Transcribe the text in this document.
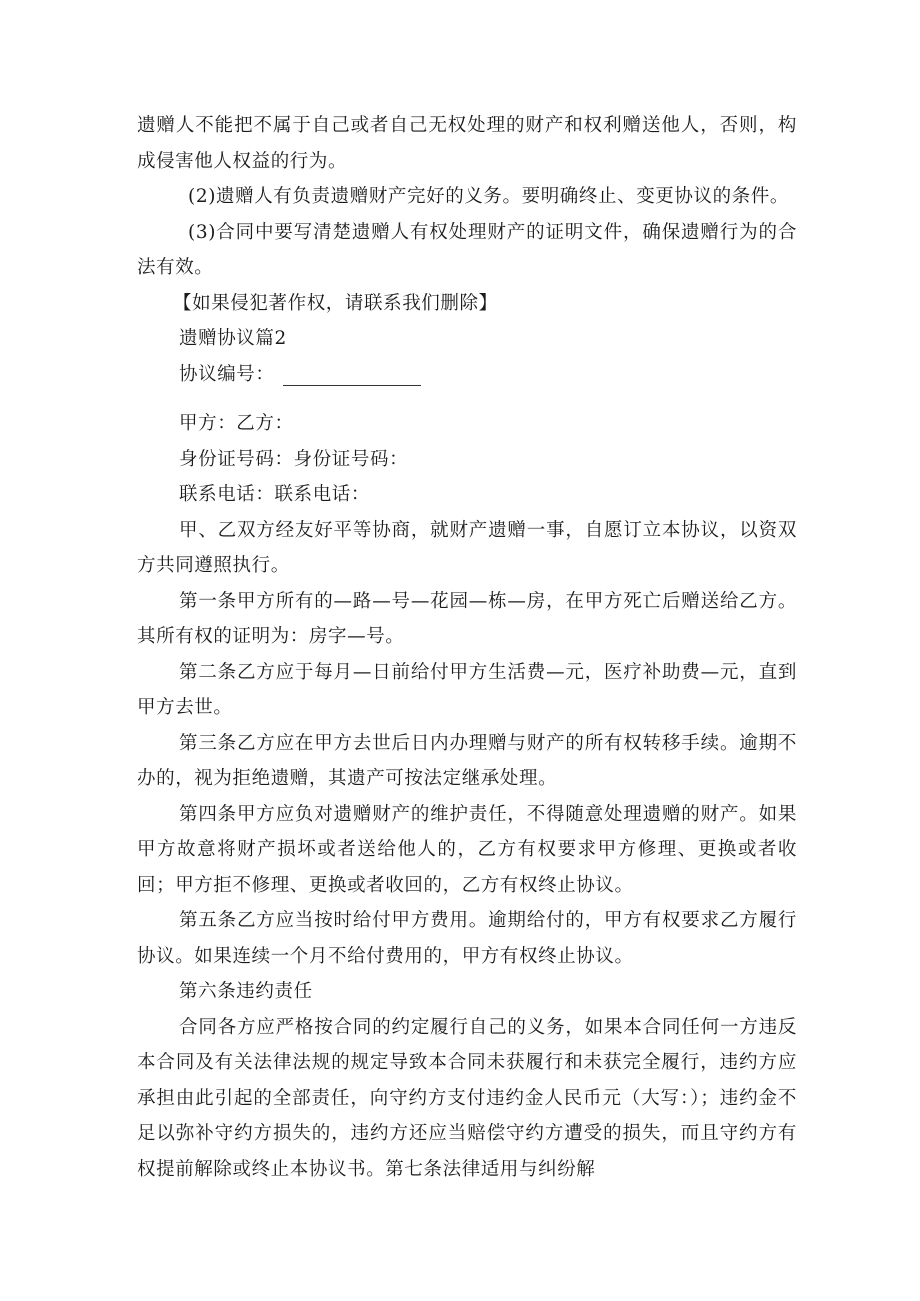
遗赠人不能把不属于自己或者自己无权处理的财产和权利赠送他人，否则，构成侵害他人权益的行为。

(2)遗赠人有负责遗赠财产完好的义务。要明确终止、变更协议的条件。

(3)合同中要写清楚遗赠人有权处理财产的证明文件，确保遗赠行为的合法有效。

【如果侵犯著作权，请联系我们删除】

遗赠协议篇2

协议编号：

甲方：乙方：

身份证号码：身份证号码：

联系电话：联系电话：

甲、乙双方经友好平等协商，就财产遗赠一事，自愿订立本协议，以资双方共同遵照执行。

第一条甲方所有的—路—号—花园—栋—房，在甲方死亡后赠送给乙方。其所有权的证明为：房字—号。

第二条乙方应于每月—日前给付甲方生活费—元，医疗补助费—元，直到甲方去世。

第三条乙方应在甲方去世后日内办理赠与财产的所有权转移手续。逾期不办的，视为拒绝遗赠，其遗产可按法定继承处理。

第四条甲方应负对遗赠财产的维护责任，不得随意处理遗赠的财产。如果甲方故意将财产损坏或者送给他人的，乙方有权要求甲方修理、更换或者收回；甲方拒不修理、更换或者收回的，乙方有权终止协议。

第五条乙方应当按时给付甲方费用。逾期给付的，甲方有权要求乙方履行协议。如果连续一个月不给付费用的，甲方有权终止协议。

第六条违约责任

合同各方应严格按合同的约定履行自己的义务，如果本合同任何一方违反本合同及有关法律法规的规定导致本合同未获履行和未获完全履行，违约方应承担由此引起的全部责任，向守约方支付违约金人民币元（大写：）；违约金不足以弥补守约方损失的，违约方还应当赔偿守约方遭受的损失，而且守约方有权提前解除或终止本协议书。第七条法律适用与纠纷解
